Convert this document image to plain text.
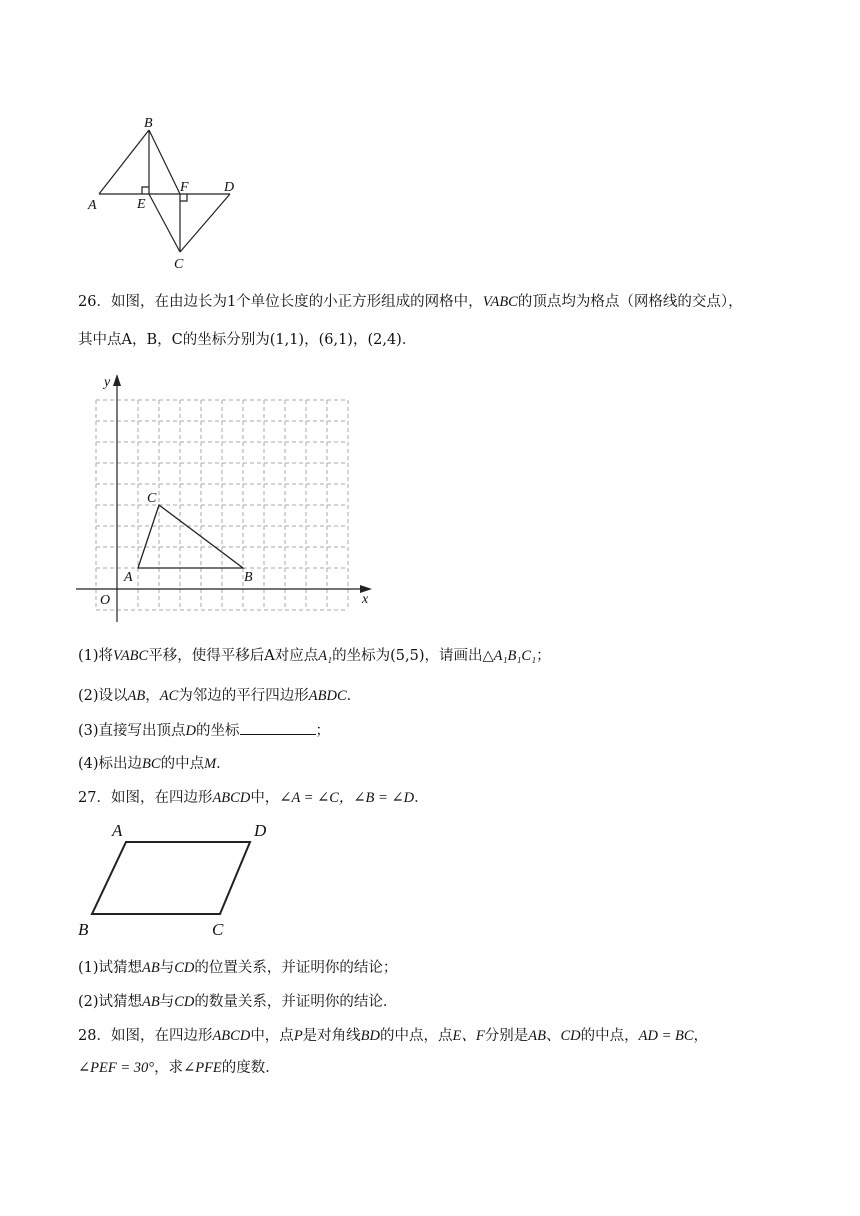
A
B
C
D
E
F
26．如图，在由边长为1个单位长度的小正方形组成的网格中，VABC的顶点均为格点（网格线的交点），
其中点A，B，C的坐标分别为(1,1)，(6,1)，(2,4)．
x
y
O
A	B
C
(1)将VABC平移，使得平移后A对应点A₁的坐标为(5,5)，请画出△A₁B₁C₁；
(2)设以AB，AC为邻边的平行四边形ABDC．
(3)直接写出顶点D的坐标	；
(4)标出边BC的中点M．
27．如图，在四边形ABCD中，∠A = ∠C，∠B = ∠D．
A	D
B	C
(1)试猜想AB与CD的位置关系，并证明你的结论；
(2)试猜想AB与CD的数量关系，并证明你的结论．
28．如图，在四边形ABCD中，点P是对角线BD的中点，点E、F分别是AB、CD的中点，AD = BC，
∠PEF = 30°，求∠PFE的度数．
